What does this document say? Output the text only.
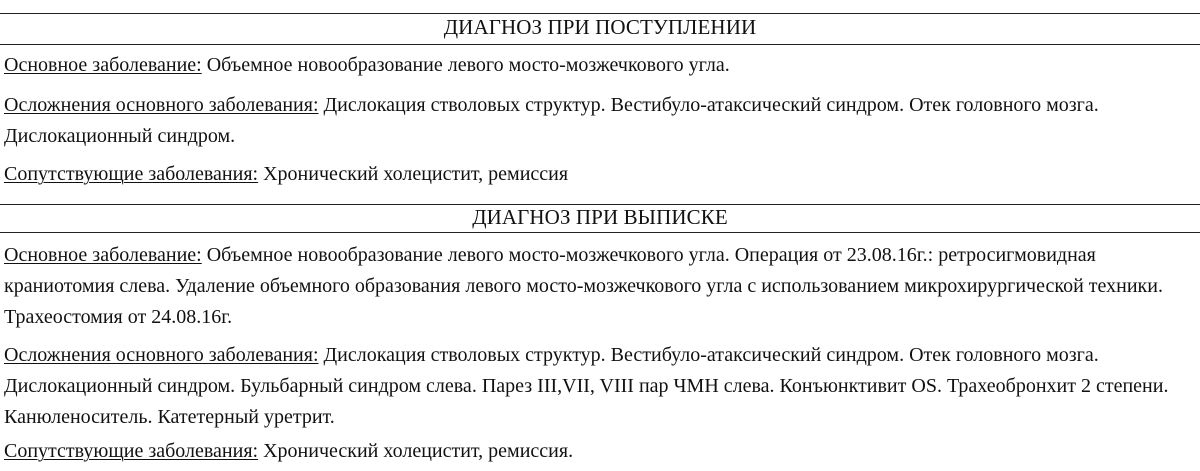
ДИАГНОЗ ПРИ ПОСТУПЛЕНИИ

Основное заболевание: Объемное новообразование левого мосто-мозжечкового угла.

Осложнения основного заболевания: Дислокация стволовых структур. Вестибуло-атаксический синдром. Отек головного мозга. Дислокационный синдром.

Сопутствующие заболевания: Хронический холецистит, ремиссия

ДИАГНОЗ ПРИ ВЫПИСКЕ

Основное заболевание: Объемное новообразование левого мосто-мозжечкового угла. Операция от 23.08.16г.: ретросигмовидная краниотомия слева. Удаление объемного образования левого мосто-мозжечкового угла с использованием микрохирургической техники. Трахеостомия от 24.08.16г.

Осложнения основного заболевания: Дислокация стволовых структур. Вестибуло-атаксический синдром. Отек головного мозга. Дислокационный синдром. Бульбарный синдром слева. Парез III,VII, VIII пар ЧМН слева. Конъюнктивит OS. Трахеобронхит 2 степени. Канюленоситель. Катетерный уретрит.

Сопутствующие заболевания: Хронический холецистит, ремиссия.
